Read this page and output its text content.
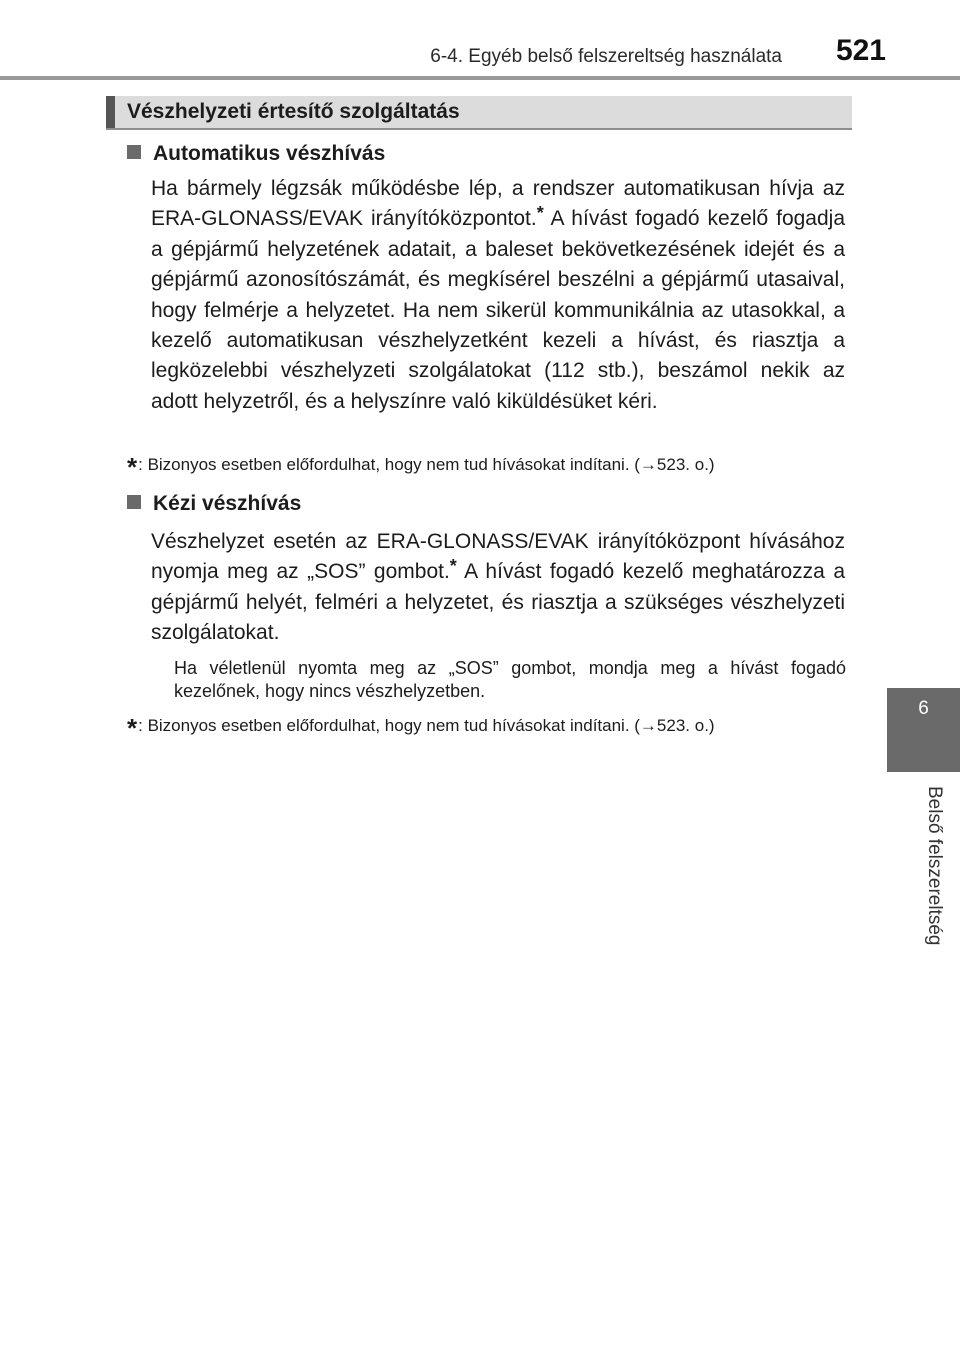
6-4. Egyéb belső felszereltség használata	521
6
Belső felszereltség
Vészhelyzeti értesítő szolgáltatás
Automatikus vészhívás
Ha bármely légzsák működésbe lép, a rendszer automatikusan hívja az ERA-GLONASS/EVAK irányítóközpontot.* A hívást fogadó kezelő fogadja a gépjármű helyzetének adatait, a baleset bekövetkezésének idejét és a gépjármű azonosítószámát, és megkísérel beszélni a gépjármű utasaival, hogy felmérje a helyzetet. Ha nem sikerül kommunikálnia az utasokkal, a kezelő automatikusan vészhelyzetként kezeli a hívást, és riasztja a legközelebbi vészhelyzeti szolgálatokat (112 stb.), beszámol nekik az adott helyzetről, és a helyszínre való kiküldésüket kéri.
*: Bizonyos esetben előfordulhat, hogy nem tud hívásokat indítani. (→523. o.)
Kézi vészhívás
Vészhelyzet esetén az ERA-GLONASS/EVAK irányítóközpont hívásához nyomja meg az „SOS” gombot.* A hívást fogadó kezelő meghatározza a gépjármű helyét, felméri a helyzetet, és riasztja a szükséges vészhelyzeti szolgálatokat.
Ha véletlenül nyomta meg az „SOS” gombot, mondja meg a hívást fogadó kezelőnek, hogy nincs vészhelyzetben.
*: Bizonyos esetben előfordulhat, hogy nem tud hívásokat indítani. (→523. o.)
